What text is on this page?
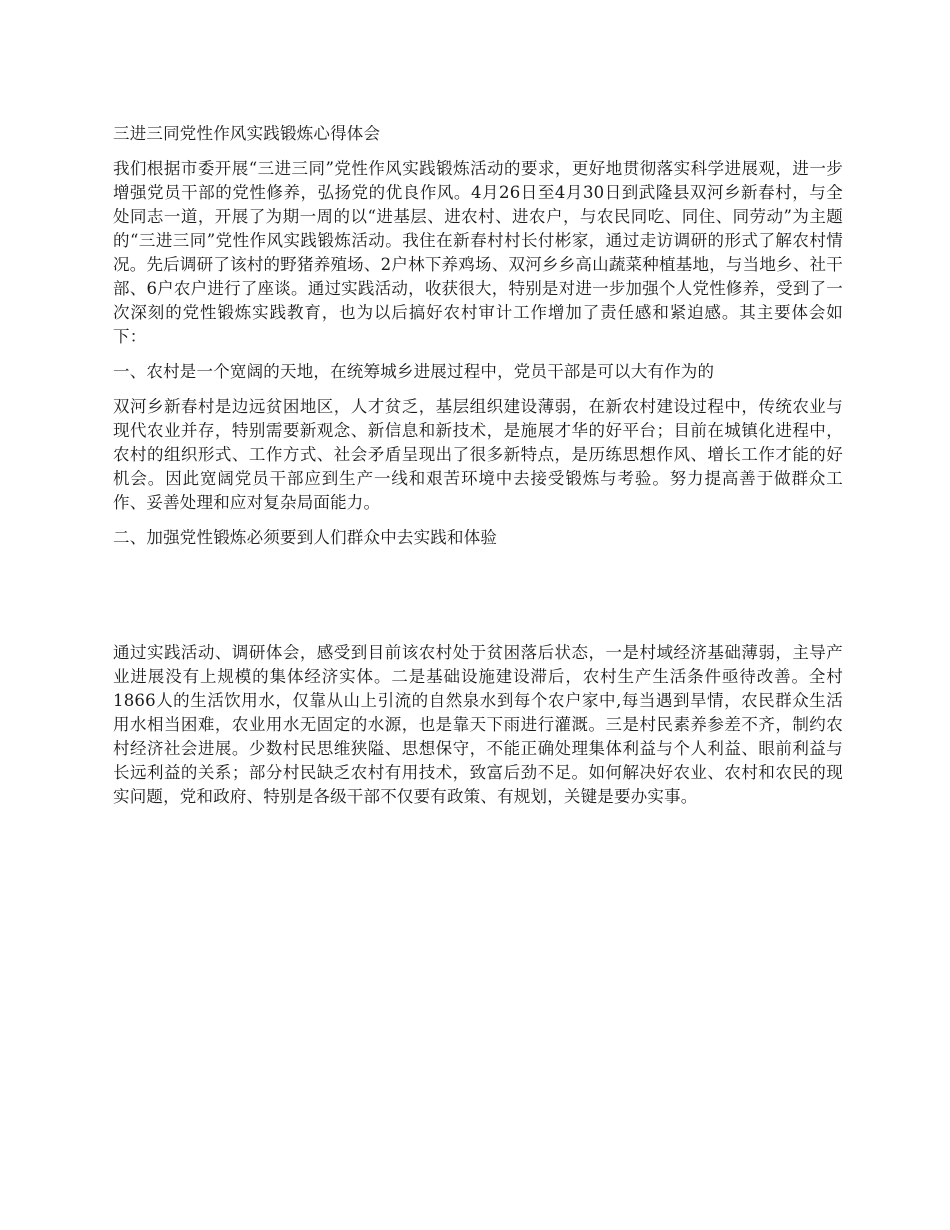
三进三同党性作风实践锻炼心得体会
我们根据市委开展“三进三同”党性作风实践锻炼活动的要求，更好地贯彻落实科学进展观，进一步增强党员干部的党性修养，弘扬党的优良作风。4月26日至4月30日到武隆县双河乡新春村，与全处同志一道，开展了为期一周的以“进基层、进农村、进农户，与农民同吃、同住、同劳动”为主题的“三进三同”党性作风实践锻炼活动。我住在新春村村长付彬家，通过走访调研的形式了解农村情况。先后调研了该村的野猪养殖场、2户林下养鸡场、双河乡乡高山蔬菜种植基地，与当地乡、社干部、6户农户进行了座谈。通过实践活动，收获很大，特别是对进一步加强个人党性修养，受到了一次深刻的党性锻炼实践教育，也为以后搞好农村审计工作增加了责任感和紧迫感。其主要体会如下：
一、农村是一个宽阔的天地，在统筹城乡进展过程中，党员干部是可以大有作为的
双河乡新春村是边远贫困地区，人才贫乏，基层组织建设薄弱，在新农村建设过程中，传统农业与现代农业并存，特别需要新观念、新信息和新技术，是施展才华的好平台；目前在城镇化进程中，农村的组织形式、工作方式、社会矛盾呈现出了很多新特点，是历练思想作风、增长工作才能的好机会。因此宽阔党员干部应到生产一线和艰苦环境中去接受锻炼与考验。努力提高善于做群众工作、妥善处理和应对复杂局面能力。
二、加强党性锻炼必须要到人们群众中去实践和体验
通过实践活动、调研体会，感受到目前该农村处于贫困落后状态，一是村域经济基础薄弱，主导产业进展没有上规模的集体经济实体。二是基础设施建设滞后，农村生产生活条件亟待改善。全村1866人的生活饮用水，仅靠从山上引流的自然泉水到每个农户家中,每当遇到旱情，农民群众生活用水相当困难，农业用水无固定的水源，也是靠天下雨进行灌溉。三是村民素养参差不齐，制约农村经济社会进展。少数村民思维狭隘、思想保守，不能正确处理集体利益与个人利益、眼前利益与长远利益的关系；部分村民缺乏农村有用技术，致富后劲不足。如何解决好农业、农村和农民的现实问题，党和政府、特别是各级干部不仅要有政策、有规划，关键是要办实事。
